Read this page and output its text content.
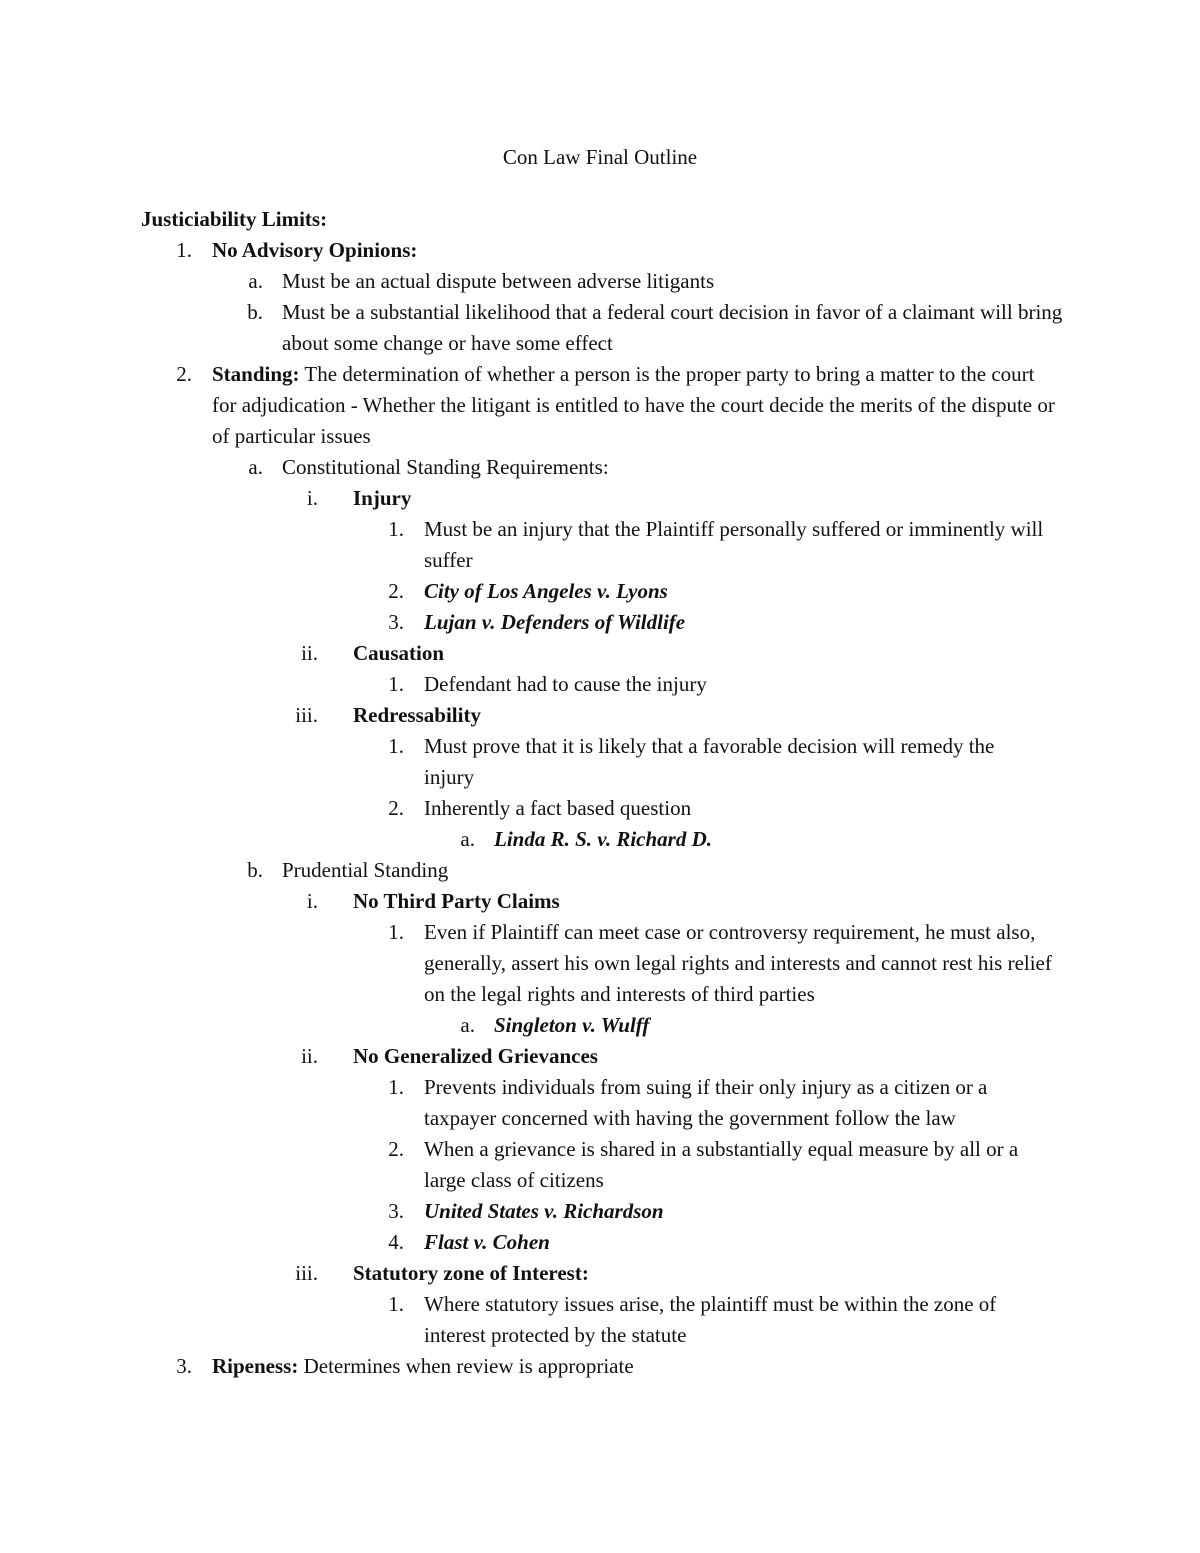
Con Law Final Outline
Justiciability Limits:
1. No Advisory Opinions:
a. Must be an actual dispute between adverse litigants
b. Must be a substantial likelihood that a federal court decision in favor of a claimant will bring about some change or have some effect
2. Standing: The determination of whether a person is the proper party to bring a matter to the court for adjudication - Whether the litigant is entitled to have the court decide the merits of the dispute or of particular issues
a. Constitutional Standing Requirements:
i. Injury
1. Must be an injury that the Plaintiff personally suffered or imminently will suffer
2. City of Los Angeles v. Lyons
3. Lujan v. Defenders of Wildlife
ii. Causation
1. Defendant had to cause the injury
iii. Redressability
1. Must prove that it is likely that a favorable decision will remedy the injury
2. Inherently a fact based question
a. Linda R. S. v. Richard D.
b. Prudential Standing
i. No Third Party Claims
1. Even if Plaintiff can meet case or controversy requirement, he must also, generally, assert his own legal rights and interests and cannot rest his relief on the legal rights and interests of third parties
a. Singleton v. Wulff
ii. No Generalized Grievances
1. Prevents individuals from suing if their only injury as a citizen or a taxpayer concerned with having the government follow the law
2. When a grievance is shared in a substantially equal measure by all or a large class of citizens
3. United States v. Richardson
4. Flast v. Cohen
iii. Statutory zone of Interest:
1. Where statutory issues arise, the plaintiff must be within the zone of interest protected by the statute
3. Ripeness: Determines when review is appropriate
